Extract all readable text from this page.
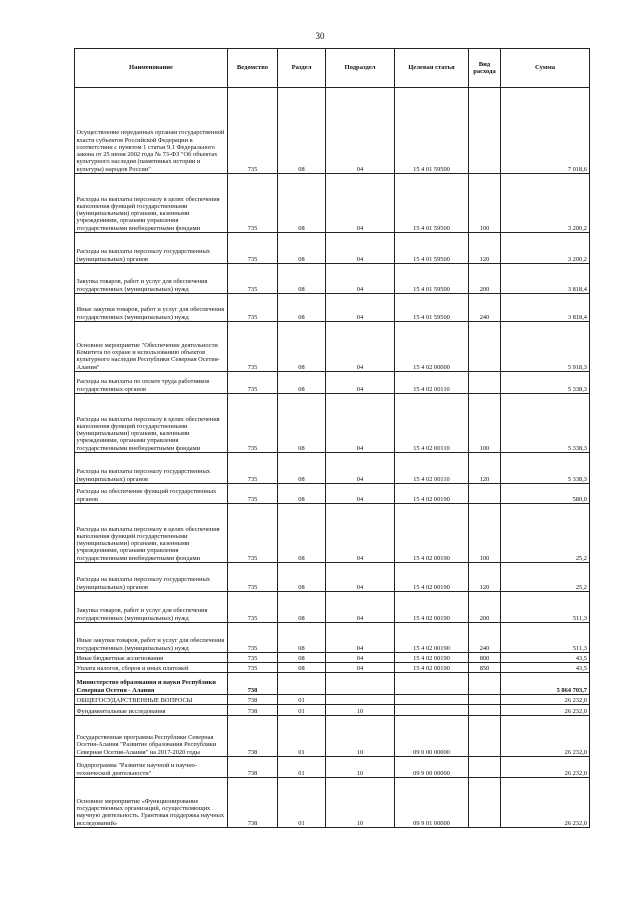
30
Наименование	Ведомство	Раздел	Подраздел	Целевая статья	Вид расхода	Сумма
Осуществление переданных органам государственной власти субъектов Российской Федерации в соответствии с пунктом 1 статьи 9.1 Федерального закона от 25 июня 2002 года № 73-ФЗ "Об объектах культурного наследия (памятниках истории и культуры) народов России"	735	08	04	15 4 01 59500		7 018,6
Расходы на выплаты персоналу в целях обеспечения выполнения функций государственными (муниципальными) органами, казенными учреждениями, органами управления государственными внебюджетными фондами	735	08	04	15 4 01 59500	100	3 200,2
Расходы на выплаты персоналу государственных (муниципальных) органов	735	08	04	15 4 01 59500	120	3 200,2
Закупка товаров, работ и услуг для обеспечения государственных (муниципальных) нужд	735	08	04	15 4 01 59500	200	3 818,4
Иные закупки товаров, работ и услуг для обеспечения государственных (муниципальных) нужд	735	08	04	15 4 01 59500	240	3 818,4
Основное мероприятие "Обеспечение деятельности Комитета по охране и использованию объектов культурного наследия Республики Северная Осетия-Алания"	735	08	04	15 4 02 00000		5 918,3
Расходы на выплаты по оплате труда работников государственных органов	735	08	04	15 4 02 00110		5 338,3
Расходы на выплаты персоналу в целях обеспечения выполнения функций государственными (муниципальными) органами, казенными учреждениями, органами управления государственными внебюджетными фондами	735	08	04	15 4 02 00110	100	5 338,3
Расходы на выплаты персоналу государственных (муниципальных) органов	735	08	04	15 4 02 00110	120	5 338,3
Расходы на обеспечение функций государственных органов	735	08	04	15 4 02 00190		580,0
Расходы на выплаты персоналу в целях обеспечения выполнения функций государственными (муниципальными) органами, казенными учреждениями, органами управления государственными внебюджетными фондами	735	08	04	15 4 02 00190	100	25,2
Расходы на выплаты персоналу государственных (муниципальных) органов	735	08	04	15 4 02 00190	120	25,2
Закупка товаров, работ и услуг для обеспечения государственных (муниципальных) нужд	735	08	04	15 4 02 00190	200	511,3
Иные закупки товаров, работ и услуг для обеспечения государственных (муниципальных) нужд	735	08	04	15 4 02 00190	240	511,3
Иные бюджетные ассигнования	735	08	04	15 4 02 00190	800	43,5
Уплата налогов, сборов и иных платежей	735	08	04	15 4 02 00190	850	43,5
Министерство образования и науки Республики Северная Осетия - Алания	738					5 864 703,7
ОБЩЕГОСУДАРСТВЕННЫЕ ВОПРОСЫ	738	01				26 232,0
Фундаментальные исследования	738	01	10			26 232,0
Государственная программа Республики Северная Осетия-Алания "Развитие образования Республики Северная Осетия-Алания" на 2017-2020 годы	738	01	10	09 0 00 00000		26 232,0
Подпрограмма "Развитие научной и научно-технической деятельности"	738	01	10	09 9 00 00000		26 232,0
Основное мероприятие «Функционирование государственных организаций, осуществляющих научную деятельность. Грантовая поддержка научных исследований»	738	01	10	09 9 01 00000		26 232,0
